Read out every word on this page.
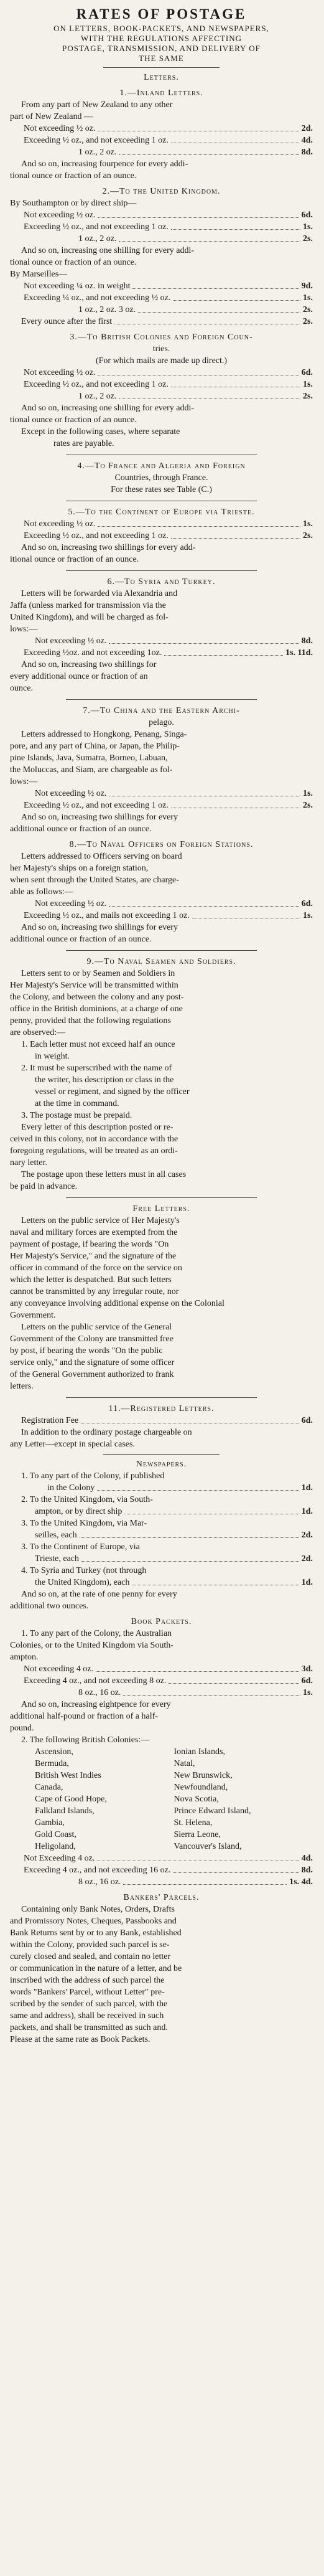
RATES OF POSTAGE
ON LETTERS, BOOK-PACKETS, AND NEWSPAPERS,
WITH THE REGULATIONS AFFECTING
POSTAGE, TRANSMISSION, AND DELIVERY OF
THE SAME
Letters.
1.—Inland Letters.
From any part of New Zealand to any other
part of New Zealand —
Not exceeding ½ oz.	2d.
Exceeding ½ oz., and not exceeding 1 oz.	4d.
1 oz., 2 oz.	8d.
And so on, increasing fourpence for every addi-
tional ounce or fraction of an ounce.
2.—To the United Kingdom.
By Southampton or by direct ship—
Not exceeding ½ oz.	6d.
Exceeding ½ oz., and not exceeding 1 oz.	1s.
1 oz., 2 oz.	2s.
And so on, increasing one shilling for every addi-
tional ounce or fraction of an ounce.
By Marseilles—
Not exceeding ¼ oz. in weight	9d.
Exceeding ¼ oz., and not exceeding ½ oz.	1s.
1 oz., 2 oz. 3 oz.	2s.
Every ounce after the first	2s.
3.—To British Colonies and Foreign Coun-
tries.
(For which mails are made up direct.)
Not exceeding ½ oz.	6d.
Exceeding ½ oz., and not exceeding 1 oz.	1s.
1 oz., 2 oz.	2s.
And so on, increasing one shilling for every addi-
tional ounce or fraction of an ounce.
Except in the following cases, where separate
rates are payable.
4.—To France and Algeria and Foreign
Countries, through France.
For these rates see Table (C.)
5.—To the Continent of Europe via Trieste.
Not exceeding ½ oz.	1s.
Exceeding ½ oz., and not exceeding 1 oz.	2s.
And so on, increasing two shillings for every add-
itional ounce or fraction of an ounce.
6.—To Syria and Turkey.
Letters will be forwarded via Alexandria and
Jaffa (unless marked for transmission via the
United Kingdom), and will be charged as fol-
lows:—
Not exceeding ½ oz.	8d.
Exceeding ½oz. and not exceeding 1oz.	1s. 11d.
And so on, increasing two shillings for
every additional ounce or fraction of an
ounce.
7.—To China and the Eastern Archi-
pelago.
Letters addressed to Hongkong, Penang, Singa-
pore, and any part of China, or Japan, the Philip-
pine Islands, Java, Sumatra, Borneo, Labuan,
the Moluccas, and Siam, are chargeable as fol-
lows:—
Not exceeding ½ oz.	1s.
Exceeding ½ oz., and not exceeding 1 oz.	2s.
And so on, increasing two shillings for every
additional ounce or fraction of an ounce.
8.—To Naval Officers on Foreign Stations.
Letters addressed to Officers serving on board
her Majesty's ships on a foreign station,
when sent through the United States, are charge-
able as follows:—
Not exceeding ½ oz.	6d.
Exceeding ½ oz., and mails not exceeding 1 oz.	1s.
And so on, increasing two shillings for every
additional ounce or fraction of an ounce.
9.—To Naval Seamen and Soldiers.
Letters sent to or by Seamen and Soldiers in
Her Majesty's Service will be transmitted within
the Colony, and between the colony and any post-
office in the British dominions, at a charge of one
penny, provided that the following regulations
are observed:—
1. Each letter must not exceed half an ounce
in weight.
2. It must be superscribed with the name of
the writer, his description or class in the
vessel or regiment, and signed by the officer
at the time in command.
3. The postage must be prepaid.
Every letter of this description posted or re-
ceived in this colony, not in accordance with the
foregoing regulations, will be treated as an ordi-
nary letter.
The postage upon these letters must in all cases
be paid in advance.
Free Letters.
Letters on the public service of Her Majesty's
naval and military forces are exempted from the
payment of postage, if bearing the words "On
Her Majesty's Service," and the signature of the
officer in command of the force on the service on
which the letter is despatched. But such letters
cannot be transmitted by any irregular route, nor
any conveyance involving additional expense on the Colonial
Government.
Letters on the public service of the General
Government of the Colony are transmitted free
by post, if bearing the words "On the public
service only," and the signature of some officer
of the General Government authorized to frank
letters.
11.—Registered Letters.
Registration Fee	6d.
In addition to the ordinary postage chargeable on
any Letter—except in special cases.
Newspapers.
1. To any part of the Colony, if published
in the Colony	1d.
2. To the United Kingdom, via South-
ampton, or by direct ship	1d.
3. To the United Kingdom, via Mar-
seilles, each	2d.
3. To the Continent of Europe, via
Trieste, each	2d.
4. To Syria and Turkey (not through
the United Kingdom), each	1d.
And so on, at the rate of one penny for every
additional two ounces.
Book Packets.
1. To any part of the Colony, the Australian
Colonies, or to the United Kingdom via South-
ampton.
Not exceeding 4 oz.	3d.
Exceeding 4 oz., and not exceeding 8 oz.	6d.
8 oz., 16 oz.	1s.
And so on, increasing eightpence for every
additional half-pound or fraction of a half-
pound.
2. The following British Colonies:—
Ascension,	Ionian Islands,
Bermuda,	Natal,
British West Indies	New Brunswick,
Canada,	Newfoundland,
Cape of Good Hope,	Nova Scotia,
Falkland Islands,	Prince Edward Island,
Gambia,	St. Helena,
Gold Coast,	Sierra Leone,
Heligoland,	Vancouver's Island,
Not Exceeding 4 oz.	4d.
Exceeding 4 oz., and not exceeding 16 oz.	8d.
8 oz., 16 oz.	1s. 4d.
Bankers' Parcels.
Containing only Bank Notes, Orders, Drafts
and Promissory Notes, Cheques, Passbooks and
Bank Returns sent by or to any Bank, established
within the Colony, provided such parcel is se-
curely closed and sealed, and contain no letter
or communication in the nature of a letter, and be
inscribed with the address of such parcel the
words "Bankers' Parcel, without Letter" pre-
scribed by the sender of such parcel, with the
same and address), shall be received in such
packets, and shall be transmitted as such and.
Please at the same rate as Book Packets.
